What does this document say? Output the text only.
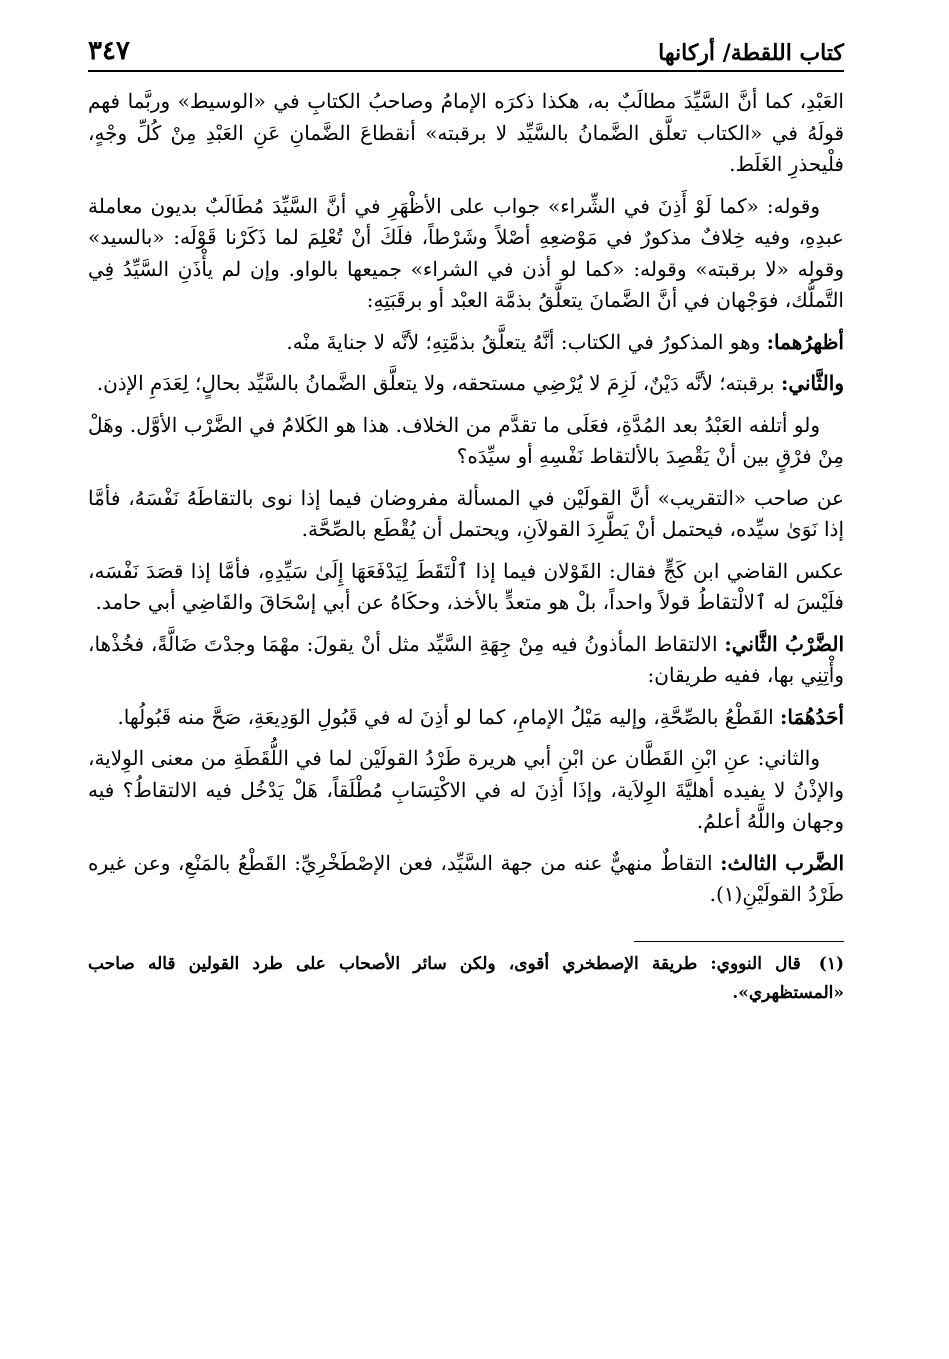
كتاب اللقطة/ أركانها
٣٤٧

العَبْدِ، كما أنَّ السَّيِّدَ مطالَبٌ به، هكذا ذكرَه الإمامُ وصاحبُ الكتابِ في «الوسيط» وربَّما فهم قولَهُ في «الكتاب تعلَّق الضَّمانُ بالسَّيِّد لا برقبته» أنقطاعَ الضَّمانِ عَنِ العَبْدِ مِنْ كُلِّ وجْهٍ، فلْيحذرِ الغَلَط.

وقوله: «كما لَوْ أَذِنَ في الشِّراء» جواب على الأظْهَرِ في أنَّ السَّيِّدَ مُطَالَبٌ بديون معاملة عبدِهِ، وفيه خِلافٌ مذكورٌ في مَوْضعِهِ أصْلاً وشَرْطاً، فلَكَ أنْ تُعْلِمَ لما ذَكَرْنا قَوْلَه: «بالسيد» وقوله «لا برقبته» وقوله: «كما لو أذن في الشراء» جميعها بالواو. وإن لم يأْذَنِ السَّيِّدُ فِي التَّملُّك، فوَجْهان في أنَّ الضَّمانَ يتعلَّقُ بذمَّة العبْد أو برقَبَتِهِ:

أظهرُهما: وهو المذكورُ في الكتاب: أنَّهُ يتعلَّقُ بذمَّتِهِ؛ لأنَّه لا جنايةَ منْه.

والثَّاني: برقبته؛ لأنَّه دَيْنٌ، لَزِمَ لا يُرْضِي مستحقه، ولا يتعلَّق الضَّمانُ بالسَّيِّد بحالٍ؛ لِعَدَمِ الإذن.

ولو أتلفه العَبْدُ بعد المُدَّةِ، فعَلَى ما تقدَّم من الخلاف. هذا هو الكَلامُ في الضَّرْب الأوَّل. وهَلْ مِنْ فرْقٍ بين أنْ يَقْصِدَ بالألتقاط نَفْسِهِ أو سيِّدَه؟

عن صاحب «التقريب» أنَّ القولَيْن في المسألة مفروضان فيما إذا نوى بالتقاطَهُ نَفْسَهُ، فأمَّا إذا نَوَىٰ سيِّده، فيحتمل أنْ يَطَّرِدَ القولاَنِ، ويحتمل أن يُقْطَع بالصِّحَّة.

عكس القاضي ابن كَجٍّ فقال: القَوْلان فيما إذا ٱلْتَقَطَ لِيَدْفَعَهَا إِلَىٰ سَيِّدِهِ، فأمَّا إذا قصَدَ نَفْسَه، فلَيْسَ له ٱلالْتقاطُ قولاً واحداً، بلْ هو متعدٍّ بالأخذ، وحكَاهُ عن أبي إسْحَاقَ والقَاضِي أبي حامد.

الضَّرْبُ الثَّاني: الالتقاط المأذونُ فيه مِنْ جِهَةِ السَّيِّد مثل أنْ يقولَ: مهْمَا وجدْتَ ضَالَّةً، فخُذْها، وأْتِنِي بها، ففيه طريقان:

أحَدُهُمَا: القَطْعُ بالصِّحَّةِ، وإليه مَيْلُ الإمامِ، كما لو أذِنَ له في قَبُولِ الوَدِيعَةِ، صَحَّ منه قَبُولُها.

والثاني: عنِ ابْنِ القَطَّان عن ابْنِ أبي هريرة طَرْدُ القولَيْن لما في اللُّقَطَةِ من معنى الوِلاية، والإذْنُ لا يفيده أهليَّةَ الوِلاَية، وإذَا أذِنَ له في الاكْتِسَابِ مُطْلَقاً، هَلْ يَدْخُل فيه الالتقاطُ؟ فيه وجهان واللَّهُ أعلمُ.

الضَّرب الثالث: التقاطٌ منهيٌّ عنه من جهة السَّيِّد، فعن الإصْطَخْرِيِّ: القَطْعُ بالمَنْعِ، وعن غيره طَرْدُ القولَيْنِ(١).

(١)قال النووي: طريقة الإصطخري أقوى، ولكن سائر الأصحاب على طرد القولين قاله صاحب «المستظهري».
